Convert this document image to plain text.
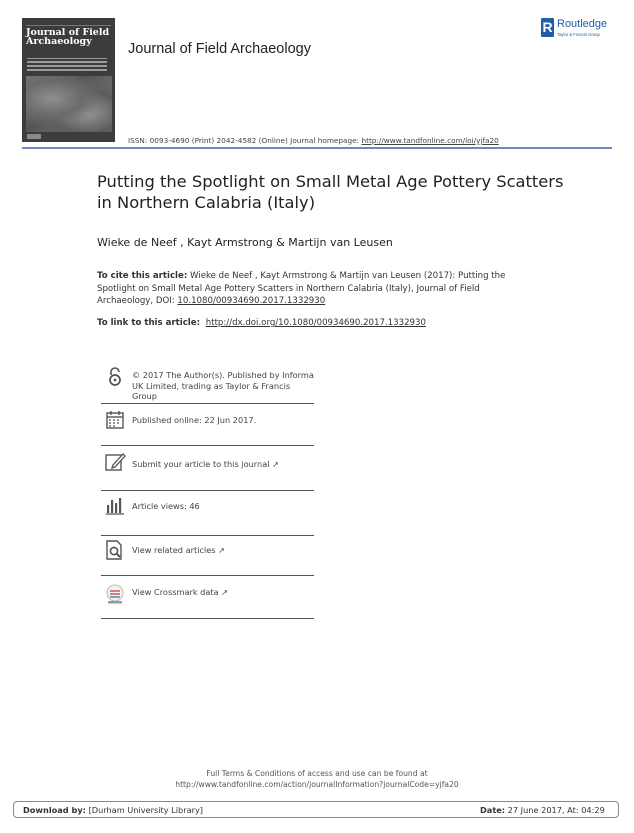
Journal of Field Archaeology	Journal of Field Archaeology
R Routledge
Taylor & Francis Group
ISSN: 0093-4690 (Print) 2042-4582 (Online) Journal homepage: http://www.tandfonline.com/loi/yjfa20
Putting the Spotlight on Small Metal Age Pottery Scatters in Northern Calabria (Italy)
Wieke de Neef , Kayt Armstrong & Martijn van Leusen
To cite this article: Wieke de Neef , Kayt Armstrong & Martijn van Leusen (2017): Putting the Spotlight on Small Metal Age Pottery Scatters in Northern Calabria (Italy), Journal of Field Archaeology, DOI: 10.1080/00934690.2017.1332930
To link to this article: http://dx.doi.org/10.1080/00934690.2017.1332930
© 2017 The Author(s). Published by Informa UK Limited, trading as Taylor & Francis Group
Published online: 22 Jun 2017.
Submit your article to this journal ↗
Article views: 46
View related articles ↗
View Crossmark data ↗
Full Terms & Conditions of access and use can be found at
http://www.tandfonline.com/action/journalInformation?journalCode=yjfa20
Download by: [Durham University Library]	Date: 27 June 2017, At: 04:29
